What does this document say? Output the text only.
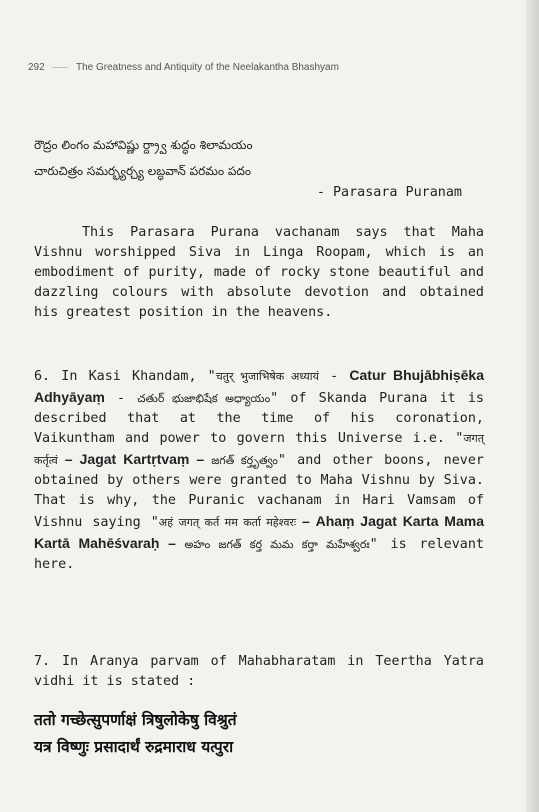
292	The Greatness and Antiquity of the Neelakantha Bhashyam
రౌద్రం లింగం మహావిష్ణు ర్ద్ర్వా శుద్ధం శిలామయం
చారుచిత్రం సమర్భ్యర్చ్య లబ్ధవాన్ పరమం పదం
- Parasara Puranam
This Parasara Purana vachanam says that Maha Vishnu worshipped Siva in Linga Roopam, which is an embodiment of purity, made of rocky stone beautiful and dazzling colours with absolute devotion and obtained his greatest position in the heavens.
6. In Kasi Khandam, "चतुर् भुजाभिषेक अध्यायं - Catur Bhujābhiṣēka Adhyāyaṃ - చతుర్ భుజాభిషేక అధ్యాయం" of Skanda Purana it is described that at the time of his coronation, Vaikuntham and power to govern this Universe i.e. "जगत् कर्तृत्वं – Jagat Kartṛtvaṃ – జగత్ కర్తృత్వం" and other boons, never obtained by others were granted to Maha Vishnu by Siva. That is why, the Puranic vachanam in Hari Vamsam of Vishnu saying "अहं जगत् कर्त मम कर्ता महेश्वरः – Ahaṃ Jagat Karta Mama Kartā Mahēśvaraḥ – అహం జగత్ కర్త మమ కర్తా మహేశ్వరః" is relevant here.
7. In Aranya parvam of Mahabharatam in Teertha Yatra vidhi it is stated :
ततो गच्छेत्सुपर्णाक्षं त्रिषुलोकेषु विश्रुतं
यत्र विष्णुः प्रसादार्थं रुद्रमाराध यत्पुरा
